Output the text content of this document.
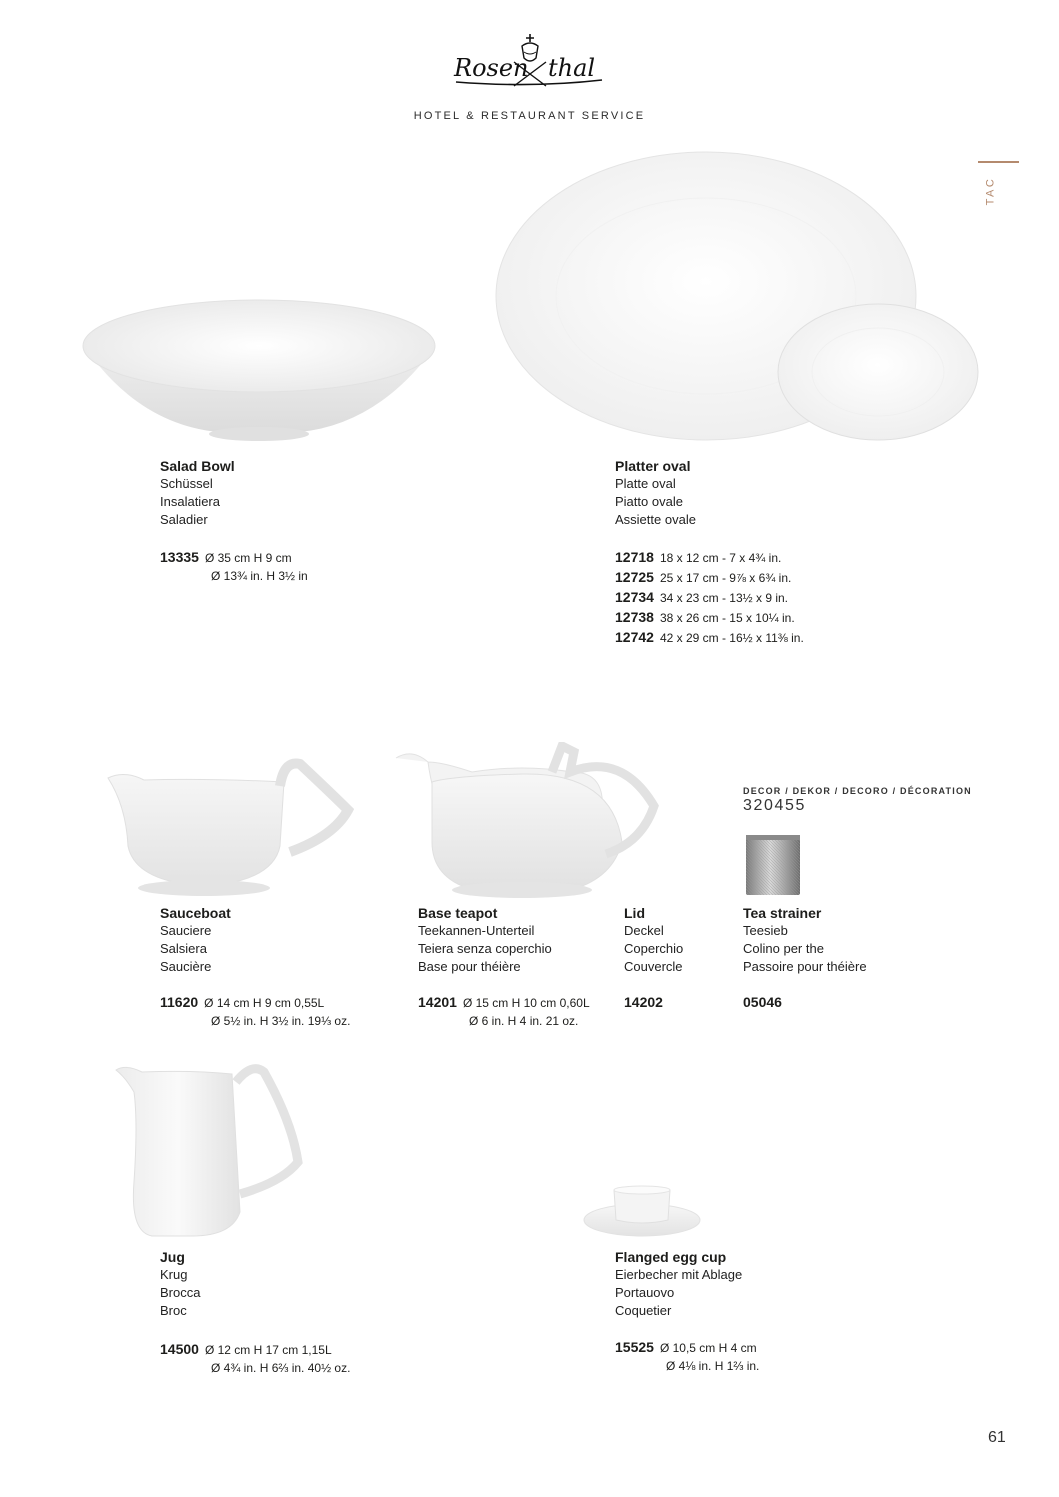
Rosen thal
HOTEL & RESTAURANT SERVICE
TAC
Salad Bowl
Schüssel
Insalatiera
Saladier
13335 Ø 35 cm H 9 cm
Ø 13¾ in. H 3½ in
Platter oval
Platte oval
Piatto ovale
Assiette ovale
12718 18 x 12 cm - 7 x 4¾ in.
12725 25 x 17 cm - 9⅞ x 6¾ in.
12734 34 x 23 cm - 13½ x 9 in.
12738 38 x 26 cm - 15 x 10¼ in.
12742 42 x 29 cm - 16½ x 11⅜ in.
DECOR / DEKOR / DECORO / DÉCORATION
320455
Sauceboat
Sauciere
Salsiera
Saucière
11620 Ø 14 cm H 9 cm 0,55L
Ø 5½ in. H 3½ in. 19⅓ oz.
Base teapot
Teekannen-Unterteil
Teiera senza coperchio
Base pour théière
14201 Ø 15 cm H 10 cm 0,60L
Ø 6 in. H 4 in. 21 oz.
Lid
Deckel
Coperchio
Couvercle
14202
Tea strainer
Teesieb
Colino per the
Passoire pour théière
05046
Jug
Krug
Brocca
Broc
14500 Ø 12 cm H 17 cm 1,15L
Ø 4¾ in. H 6⅔ in. 40½ oz.
Flanged egg cup
Eierbecher mit Ablage
Portauovo
Coquetier
15525 Ø 10,5 cm H 4 cm
Ø 4⅛ in. H 1⅔ in.
61
